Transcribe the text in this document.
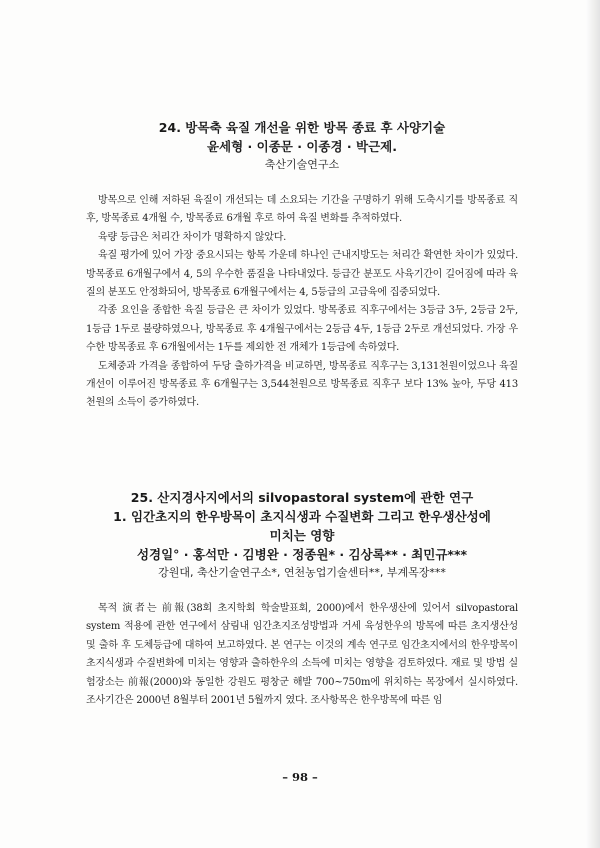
24. 방목축 육질 개선을 위한 방목 종료 후 사양기술
윤세형 · 이종문 · 이종경 · 박근제.
축산기술연구소

방목으로 인해 저하된 육질이 개선되는 데 소요되는 기간을 구명하기 위해 도축시기를 방목종료 직후, 방목종료 4개월 수, 방목종료 6개월 후로 하여 육질 변화를 추적하였다.

육량 등급은 처리간 차이가 명확하지 않았다.

육질 평가에 있어 가장 중요시되는 항목 가운데 하나인 근내지방도는 처리간 확연한 차이가 있었다. 방목종료 6개월구에서 4, 5의 우수한 품질을 나타내었다. 등급간 분포도 사육기간이 길어짐에 따라 육질의 분포도 안정화되어, 방목종료 6개월구에서는 4, 5등급의 고급육에 집중되었다.

각종 요인을 종합한 육질 등급은 큰 차이가 있었다. 방목종료 직후구에서는 3등급 3두, 2등급 2두, 1등급 1두로 불량하였으나, 방목종료 후 4개월구에서는 2등급 4두, 1등급 2두로 개선되었다. 가장 우수한 방목종료 후 6개월에서는 1두를 제외한 전 개체가 1등급에 속하였다.

도체중과 가격을 종합하여 두당 출하가격을 비교하면, 방목종료 직후구는 3,131천원이었으나 육질 개선이 이루어진 방목종료 후 6개월구는 3,544천원으로 방목종료 직후구 보다 13% 높아, 두당 413천원의 소득이 증가하였다.

25. 산지경사지에서의 silvopastoral system에 관한 연구
1. 임간초지의 한우방목이 초지식생과 수질변화 그리고 한우생산성에
미치는 영향
성경일° · 홍석만 · 김병완 · 정종원* · 김상록** · 최민규***
강원대, 축산기술연구소*, 연천농업기술센터**, 부계목장***

목적 演者는 前報(38회 초지학회 학술발표회, 2000)에서 한우생산에 있어서 silvopastoral system 적용에 관한 연구에서 삼림내 임간초지조성방법과 거세 육성한우의 방목에 따른 초지생산성 및 출하 후 도체등급에 대하여 보고하였다. 본 연구는 이것의 계속 연구로 임간초지에서의 한우방목이 초지식생과 수질변화에 미치는 영향과 출하한우의 소득에 미치는 영향을 검토하였다. 재료 및 방법 실험장소는 前報(2000)와 동일한 강원도 평창군 해발 700~750m에 위치하는 목장에서 실시하였다. 조사기간은 2000년 8월부터 2001년 5월까지 였다. 조사항목은 한우방목에 따른 임

– 98 –
